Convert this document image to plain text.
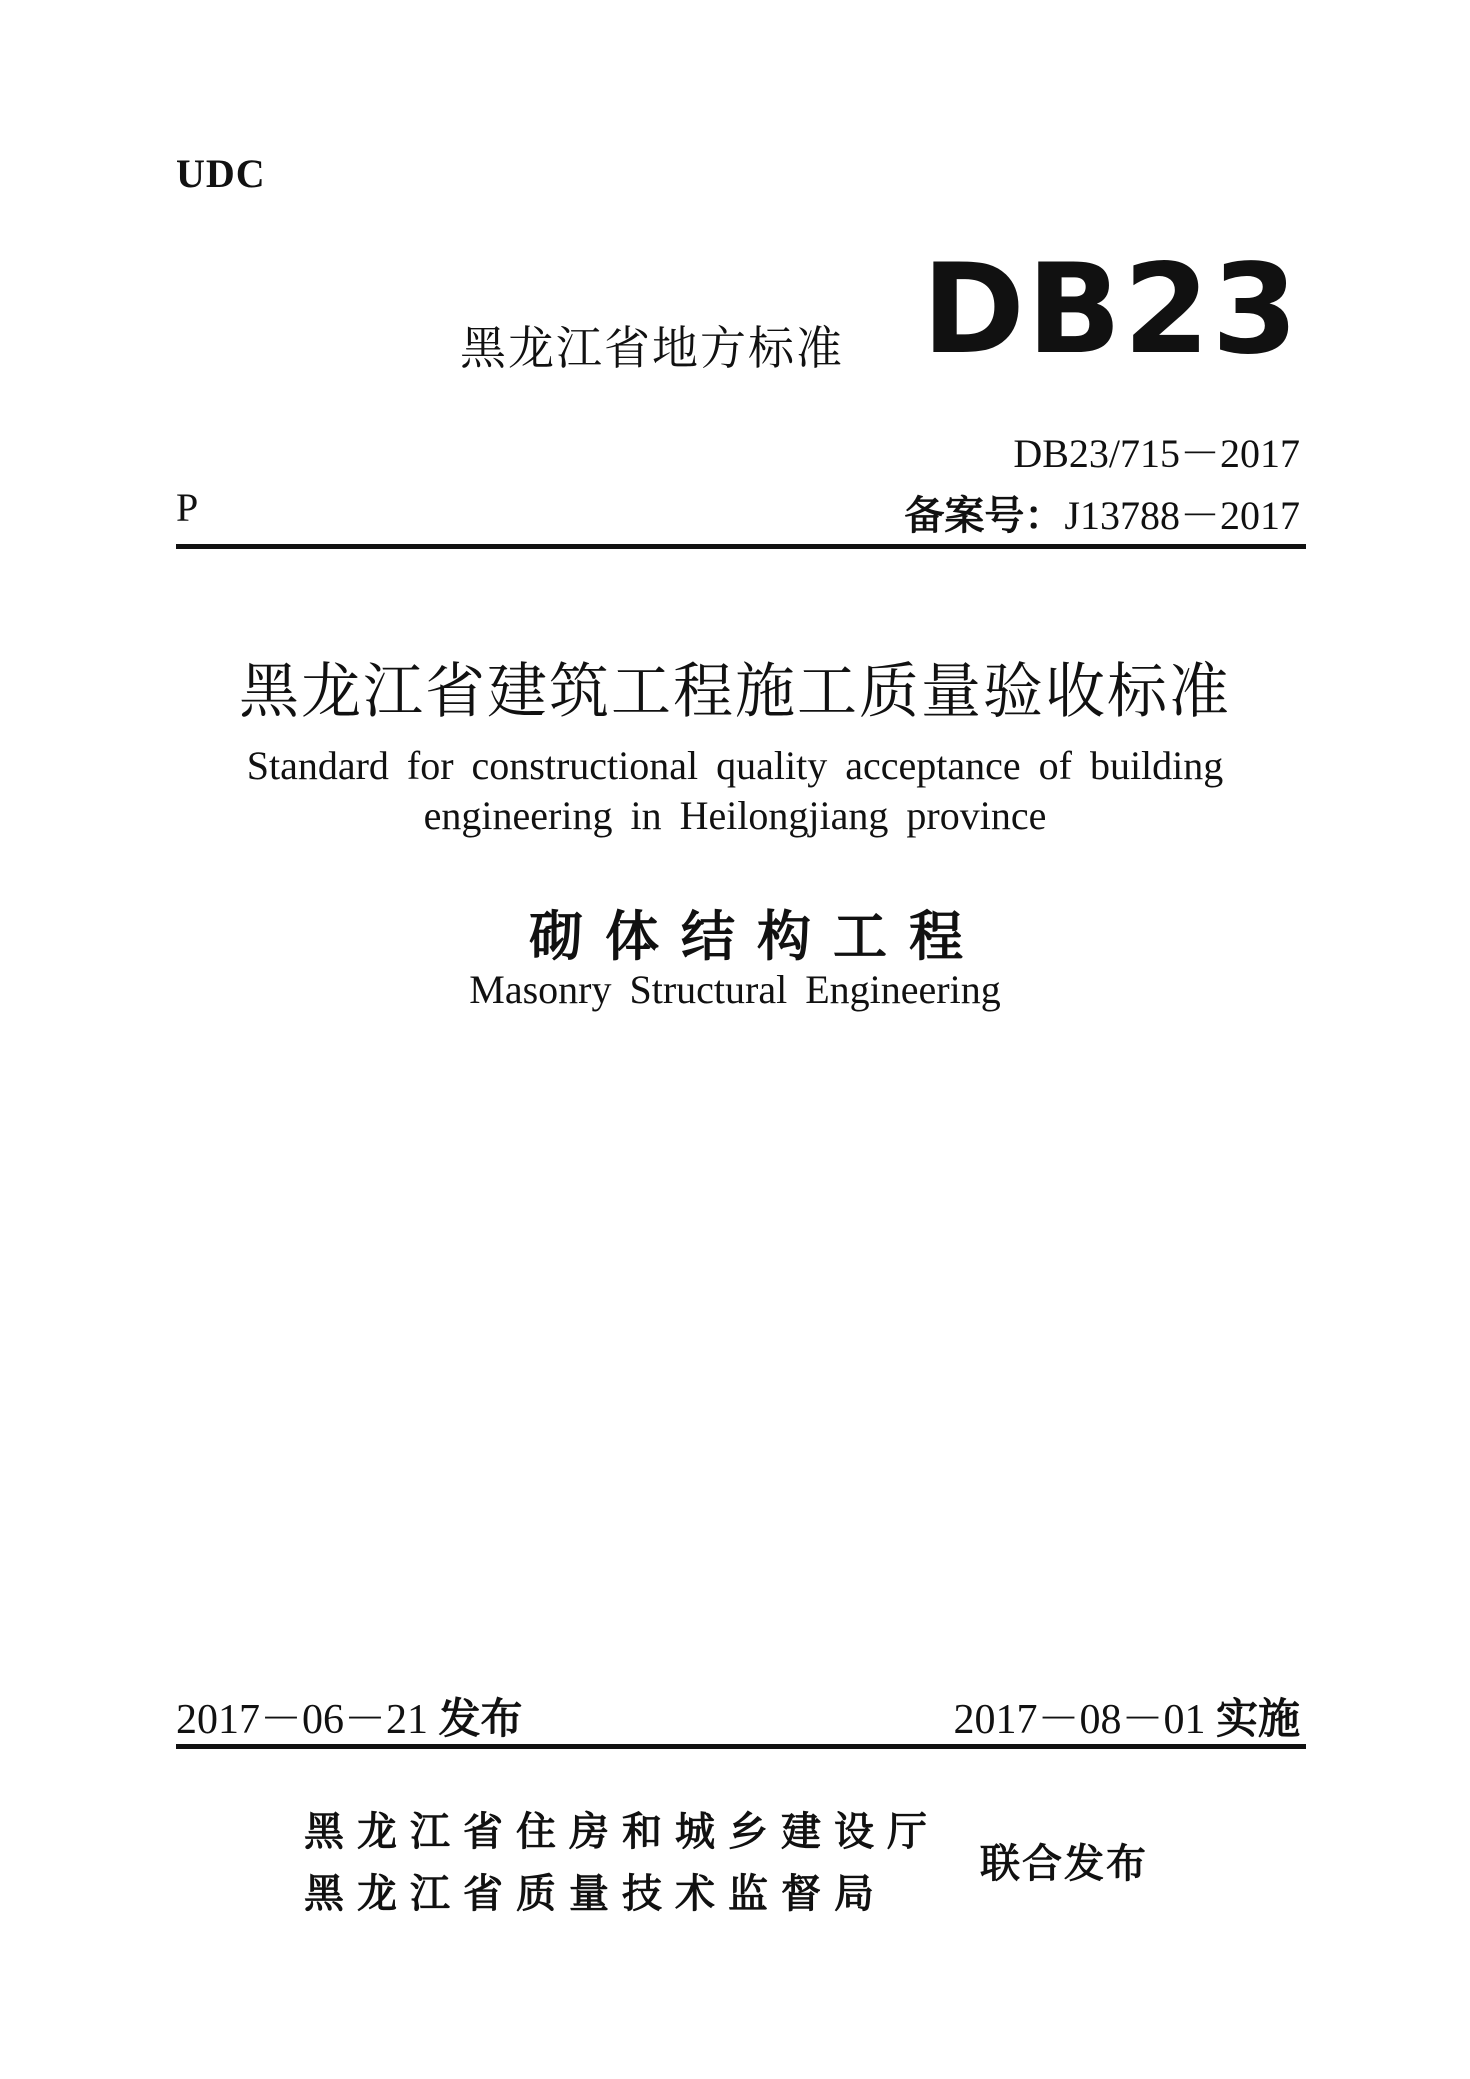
UDC
黑龙江省地方标准 DB23
DB23/715－2017
P	备案号：J13788－2017
黑龙江省建筑工程施工质量验收标准
Standard for constructional quality acceptance of building
engineering in Heilongjiang province
砌体结构工程
Masonry Structural Engineering
2017－06－21 发布	2017－08－01 实施
黑龙江省住房和城乡建设厅
黑龙江省质量技术监督局
联合发布
